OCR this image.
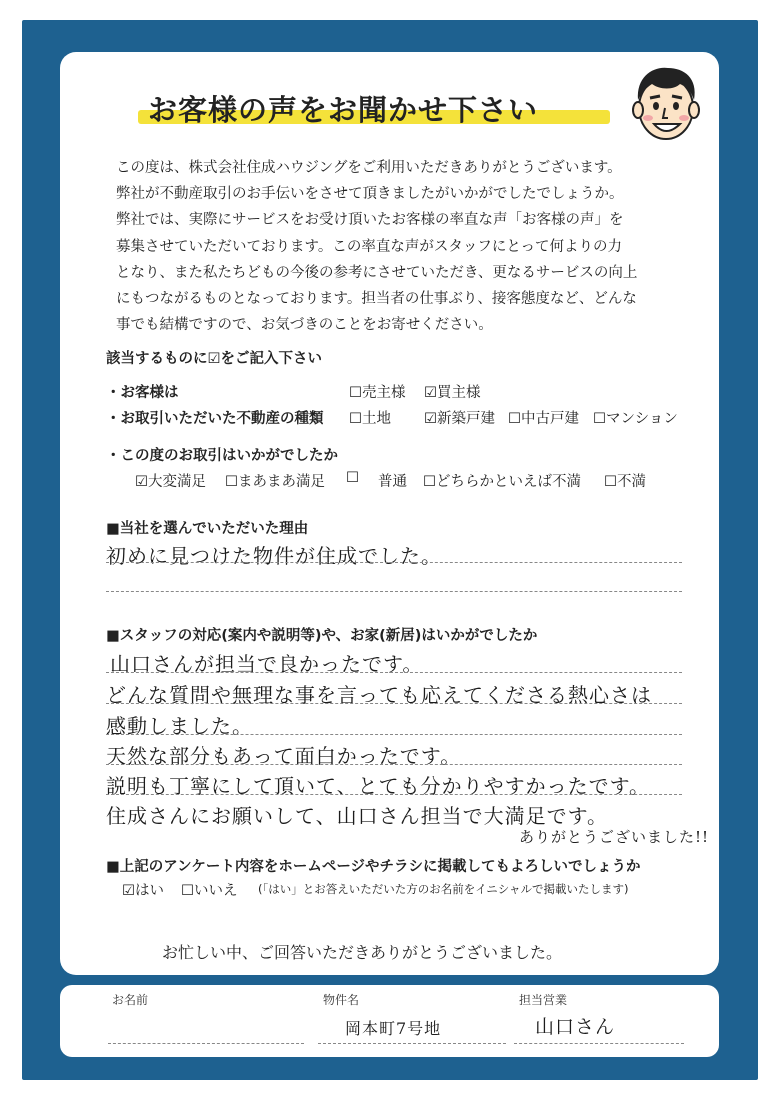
お客様の声をお聞かせ下さい
この度は、株式会社住成ハウジングをご利用いただきありがとうございます。
弊社が不動産取引のお手伝いをさせて頂きましたがいかがでしたでしょうか。
弊社では、実際にサービスをお受け頂いたお客様の率直な声「お客様の声」を
募集させていただいております。この率直な声がスタッフにとって何よりの力
となり、また私たちどもの今後の参考にさせていただき、更なるサービスの向上
にもつながるものとなっております。担当者の仕事ぶり、接客態度など、どんな
事でも結構ですので、お気づきのことをお寄せください。
該当するものに☑をご記入下さい
・お客様は	☐売主様 ☑買主様
・お取引いただいた不動産の種類 ☐土地 ☑新築戸建 ☐中古戸建 ☐マンション
・この度のお取引はいかがでしたか
☑大変満足 ☐まあまあ満足 ☐ 普通 ☐どちらかといえば不満 ☐不満
■当社を選んでいただいた理由
初めに見つけた物件が住成でした。
■スタッフの対応(案内や説明等)や、お家(新居)はいかがでしたか
山口さんが担当で良かったです。
どんな質問や無理な事を言っても応えてくださる熱心さは
感動しました。
天然な部分もあって面白かったです。
説明も丁寧にして頂いて、とても分かりやすかったです。
住成さんにお願いして、山口さん担当で大満足です。
ありがとうございました!!
■上記のアンケート内容をホームページやチラシに掲載してもよろしいでしょうか
☑はい ☐いいえ (「はい」とお答えいただいた方のお名前をイニシャルで掲載いたします)
お忙しい中、ご回答いただきありがとうございました。
お名前	物件名
岡本町7号地
担当営業
山口さん
